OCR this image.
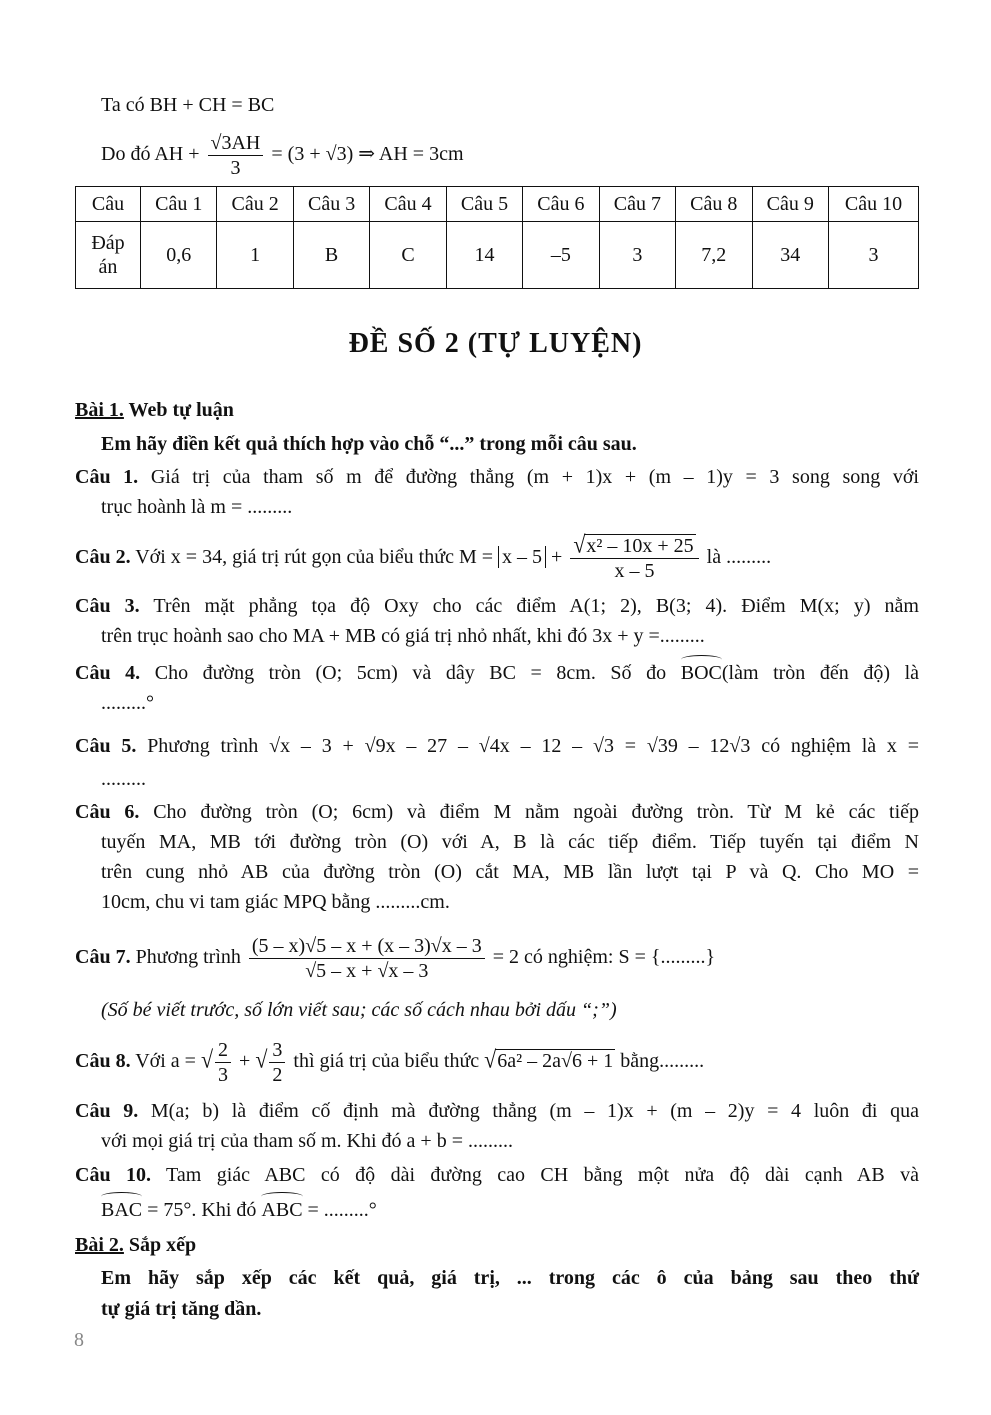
Ta có BH + CH = BC
Do đó AH + $\frac{√3AH}{3} = (3 + √3)$ ⇒ AH = 3cm
Câu	Câu 1	Câu 2	Câu 3	Câu 4	Câu 5	Câu 6	Câu 7	Câu 8	Câu 9	Câu 10

Đáp
án	0,6	1	B	C	14	–5	3	7,2	34	3
ĐỀ SỐ 2 (TỰ LUYỆN)
Bài 1. Web tự luận
Em hãy điền kết quả thích hợp vào chỗ “...” trong mỗi câu sau.
Câu 1. Giá trị của tham số m để đường thẳng (m + 1)x + (m – 1)y = 3 song song với
trục hoành là m = .........
Câu 2. Với x = 34, giá trị rút gọn của biểu thức $M = x - 5 + \frac{\text{√x² – 10x + 25}}{x - 5}$ là .........
Câu 3. Trên mặt phẳng tọa độ Oxy cho các điểm A(1; 2), B(3; 4). Điểm M(x; y) nằm
trên trục hoành sao cho MA + MB có giá trị nhỏ nhất, khi đó 3x + y =.........
Câu 4. Cho đường tròn (O; 5cm) và dây BC = 8cm. Số đo BOC(làm tròn đến độ) là
.........°
Câu 5. Phương trình √x – 3 + √9x – 27 – √4x – 12 – √3 = √39 – 12√3 có nghiệm là x =
.........
Câu 6. Cho đường tròn (O; 6cm) và điểm M nằm ngoài đường tròn. Từ M kẻ các tiếp
tuyến MA, MB tới đường tròn (O) với A, B là các tiếp điểm. Tiếp tuyến tại điểm N
trên cung nhỏ AB của đường tròn (O) cắt MA, MB lần lượt tại P và Q. Cho MO =
10cm, chu vi tam giác MPQ bằng .........cm.
Câu 7. Phương trình $\frac{(5 - x)√5 - x + (x - 3)√x - 3}{√5 - x + √x - 3} = 2$ có nghiệm: S = {.........}
(Số bé viết trước, số lớn viết sau; các số cách nhau bởi dấu “;”)
Câu 8. Với a = √ $\frac{2}{3}$ + √ $\frac{3}{2}$ thì giá trị của biểu thức √6a² – 2a√6 + 1 bằng.........
Câu 9. M(a; b) là điểm cố định mà đường thẳng (m – 1)x + (m – 2)y = 4 luôn đi qua
với mọi giá trị của tham số m. Khi đó a + b = .........
Câu 10. Tam giác ABC có độ dài đường cao CH bằng một nửa độ dài cạnh AB và
BAC = 75°. Khi đó ABC = .........°
Bài 2. Sắp xếp
Em hãy sắp xếp các kết quả, giá trị, ... trong các ô của bảng sau theo thứ
tự giá trị tăng dần.
8
